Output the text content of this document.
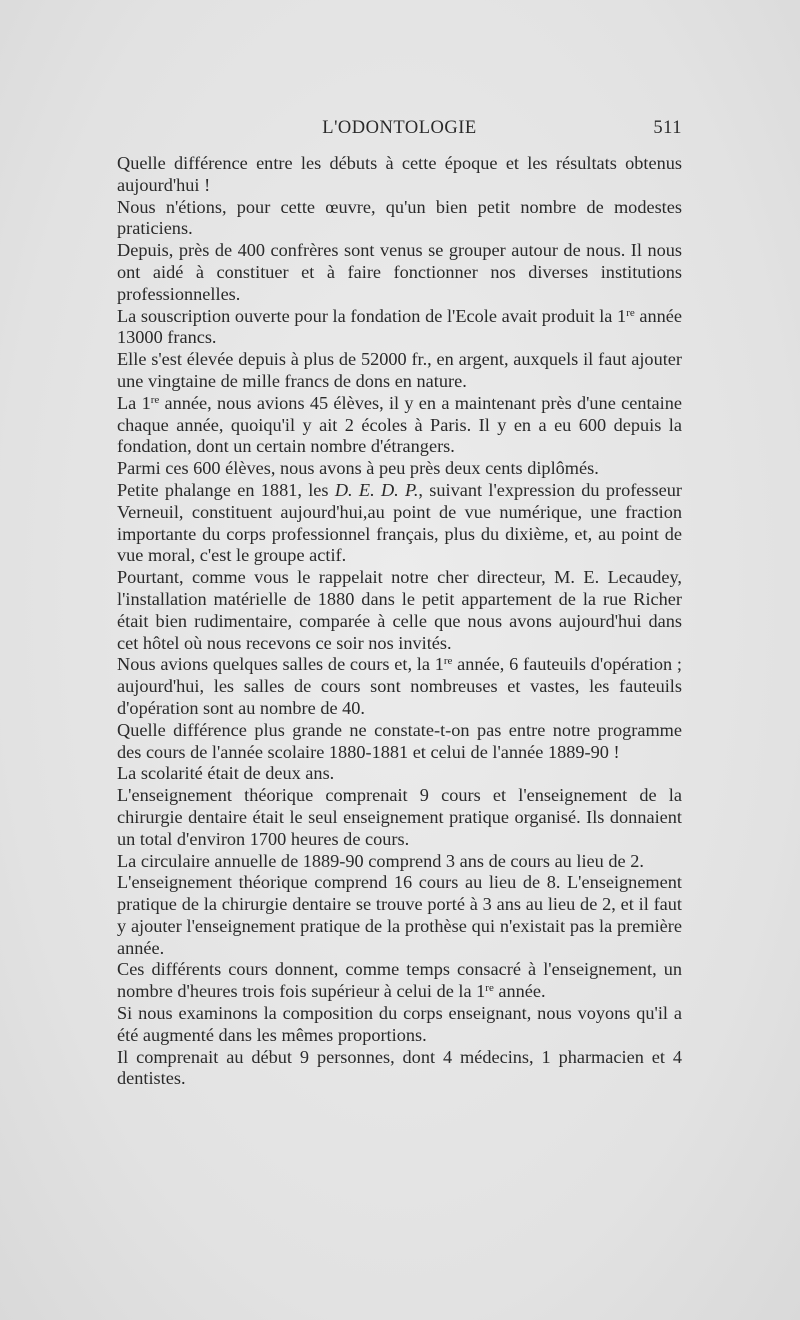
L'ODONTOLOGIE	511

Quelle différence entre les débuts à cette époque et les résultats obtenus aujourd'hui !

Nous n'étions, pour cette œuvre, qu'un bien petit nombre de modestes praticiens.

Depuis, près de 400 confrères sont venus se grouper autour de nous. Il nous ont aidé à constituer et à faire fonctionner nos diverses institutions professionnelles.

La souscription ouverte pour la fondation de l'Ecole avait produit la 1re année 13000 francs.

Elle s'est élevée depuis à plus de 52000 fr., en argent, auxquels il faut ajouter une vingtaine de mille francs de dons en nature.

La 1re année, nous avions 45 élèves, il y en a maintenant près d'une centaine chaque année, quoiqu'il y ait 2 écoles à Paris. Il y en a eu 600 depuis la fondation, dont un certain nombre d'étrangers.

Parmi ces 600 élèves, nous avons à peu près deux cents diplômés.

Petite phalange en 1881, les D. E. D. P., suivant l'expression du professeur Verneuil, constituent aujourd'hui,au point de vue numérique, une fraction importante du corps professionnel français, plus du dixième, et, au point de vue moral, c'est le groupe actif.

Pourtant, comme vous le rappelait notre cher directeur, M. E. Lecaudey, l'installation matérielle de 1880 dans le petit appartement de la rue Richer était bien rudimentaire, comparée à celle que nous avons aujourd'hui dans cet hôtel où nous recevons ce soir nos invités.

Nous avions quelques salles de cours et, la 1re année, 6 fauteuils d'opération ; aujourd'hui, les salles de cours sont nombreuses et vastes, les fauteuils d'opération sont au nombre de 40.

Quelle différence plus grande ne constate-t-on pas entre notre programme des cours de l'année scolaire 1880-1881 et celui de l'année 1889-90 !

La scolarité était de deux ans.

L'enseignement théorique comprenait 9 cours et l'enseignement de la chirurgie dentaire était le seul enseignement pratique organisé. Ils donnaient un total d'environ 1700 heures de cours.

La circulaire annuelle de 1889-90 comprend 3 ans de cours au lieu de 2.

L'enseignement théorique comprend 16 cours au lieu de 8. L'enseignement pratique de la chirurgie dentaire se trouve porté à 3 ans au lieu de 2, et il faut y ajouter l'enseignement pratique de la prothèse qui n'existait pas la première année.

Ces différents cours donnent, comme temps consacré à l'enseignement, un nombre d'heures trois fois supérieur à celui de la 1re année.

Si nous examinons la composition du corps enseignant, nous voyons qu'il a été augmenté dans les mêmes proportions.

Il comprenait au début 9 personnes, dont 4 médecins, 1 pharmacien et 4 dentistes.
